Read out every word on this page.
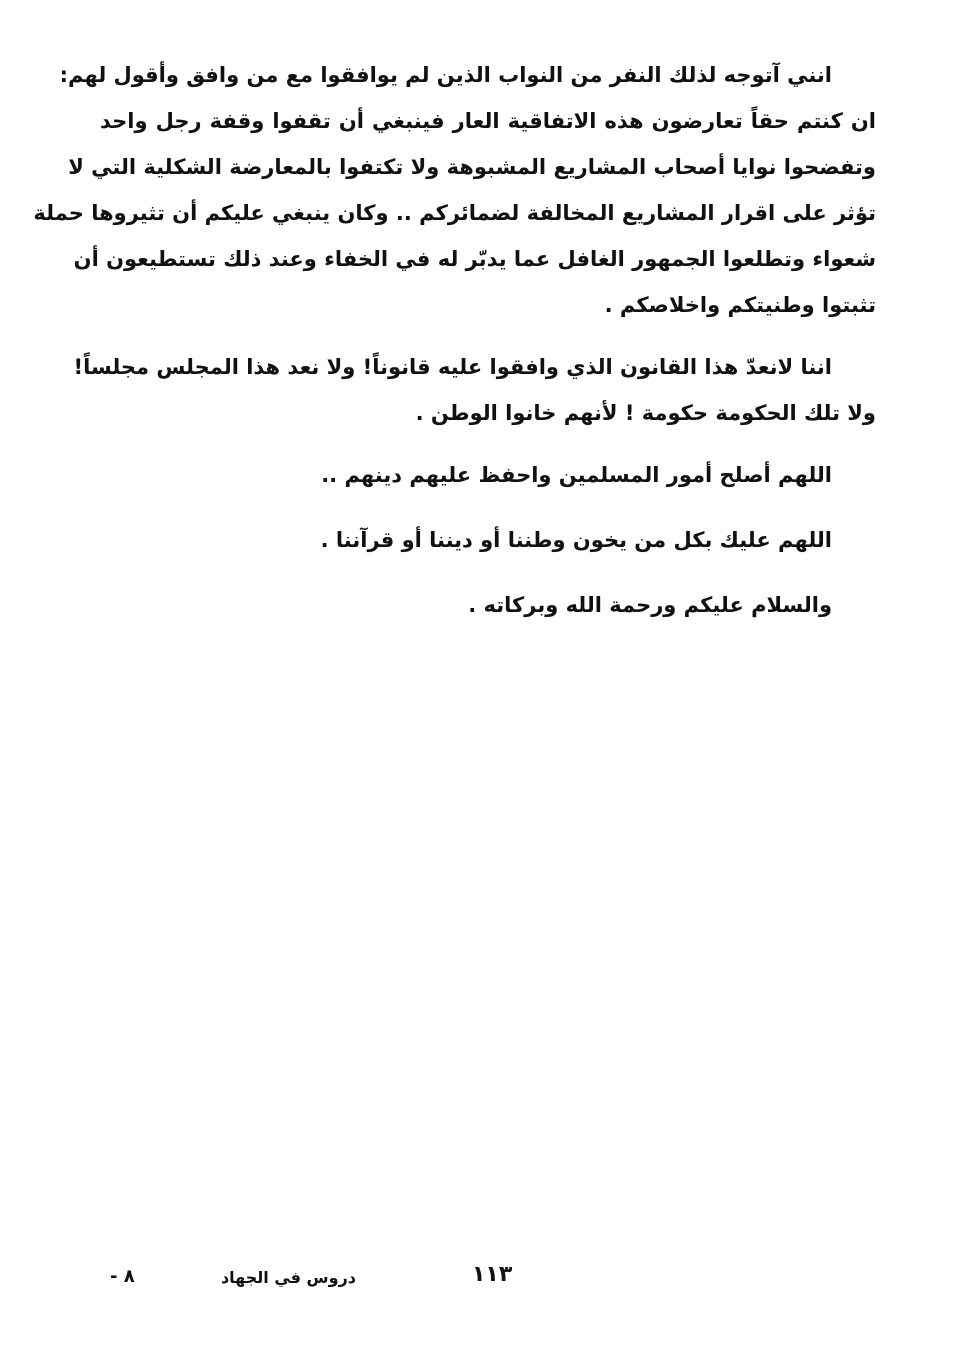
انني آتوجه لذلك النفر من النواب الذين لم يوافقوا مع من وافق وأقول لهم:
ان كنتم حقاً تعارضون هذه الاتفاقية العار فينبغي أن تقفوا وقفة رجل واحد
وتفضحوا نوايا أصحاب المشاريع المشبوهة ولا تكتفوا بالمعارضة الشكلية التي لا
تؤثر على اقرار المشاريع المخالفة لضمائركم .. وكان ينبغي عليكم أن تثيروها حملة
شعواء وتطلعوا الجمهور الغافل عما يدبّر له في الخفاء وعند ذلك تستطيعون أن
تثبتوا وطنيتكم واخلاصكم .
اننا لانعدّ هذا القانون الذي وافقوا عليه قانوناً! ولا نعد هذا المجلس مجلساً!
ولا تلك الحكومة حكومة ! لأنهم خانوا الوطن .
اللهم أصلح أمور المسلمين واحفظ عليهم دينهم ..
اللهم عليك بكل من يخون وطننا أو ديننا أو قرآننا .
والسلام عليكم ورحمة الله وبركاته .
دروس في الجهاد	١١٣
- ٨
